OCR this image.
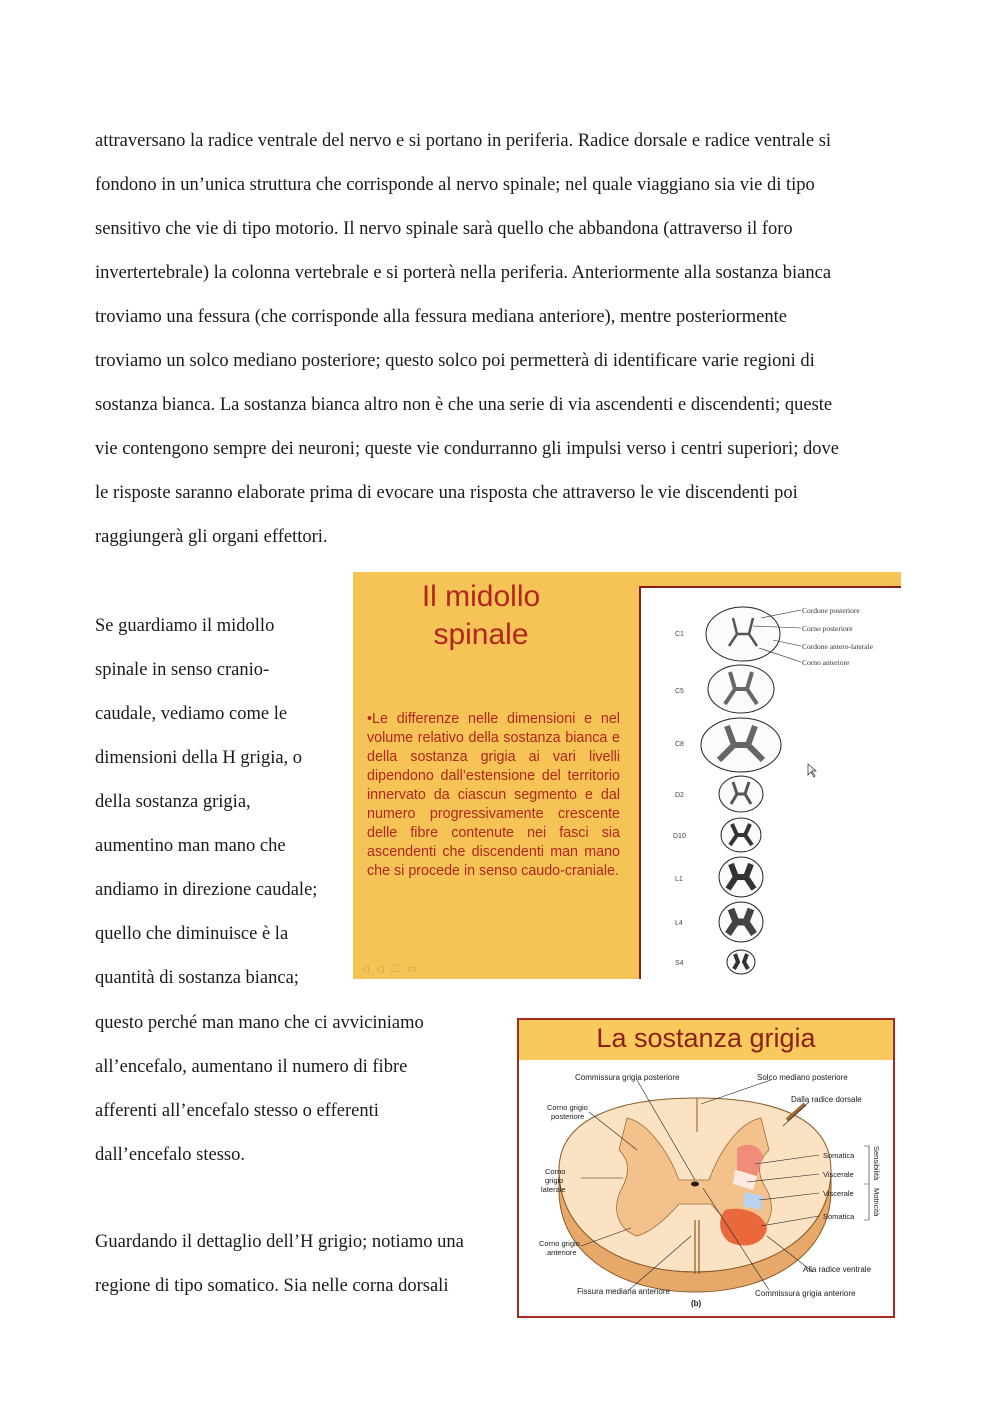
attraversano la radice ventrale del nervo e si portano in periferia. Radice dorsale e radice ventrale si
fondono in un’unica struttura che corrisponde al nervo spinale; nel quale viaggiano sia vie di tipo
sensitivo che vie di tipo motorio. Il nervo spinale sarà quello che abbandona (attraverso il foro
invertertebrale) la colonna vertebrale e si porterà nella periferia. Anteriormente alla sostanza bianca
troviamo una fessura (che corrisponde alla fessura mediana anteriore), mentre posteriormente
troviamo un solco mediano posteriore; questo solco poi permetterà di identificare varie regioni di
sostanza bianca. La sostanza bianca altro non è che una serie di via ascendenti e discendenti; queste
vie contengono sempre dei neuroni; queste vie condurranno gli impulsi verso i centri superiori; dove
le risposte saranno elaborate prima di evocare una risposta che attraverso le vie discendenti poi
raggiungerà gli organi effettori.
Se guardiamo il midollo
spinale in senso cranio-
caudale, vediamo come le
dimensioni della H grigia, o
della sostanza grigia,
aumentino man mano che
andiamo in direzione caudale;
quello che diminuisce è la
quantità di sostanza bianca;
questo perché man mano che ci avviciniamo
all’encefalo, aumentano il numero di fibre
afferenti all’encefalo stesso o efferenti
dall’encefalo stesso.
Guardando il dettaglio dell’H grigio; notiamo una
regione di tipo somatico. Sia nelle corna dorsali
Il midollo
spinale
•Le differenze nelle dimensioni e nel volume relativo della sostanza bianca e della sostanza grigia ai vari livelli dipendono dall’estensione del territorio innervato da ciascun segmento e dal numero progressivamente crescente delle fibre contenute nei fasci sia ascendenti che discendenti man mano che si procede in senso caudo-craniale.
C1
C5
C8
D2
D10
L1
L4
S4
Cordone posteriore
Corno posteriore
Cordone antero-laterale
Corno anteriore
◁ ◁ ☐ ▭
La sostanza grigia
Commissura grigia posteriore	Solco mediano posteriore
Dalla radice dorsale
Corno grigio
posteriore
Corno
grigio
laterale
Corno grigio
anteriore
Fissura mediana anteriore	Commissura grigia anteriore
Alla radice ventrale
Somatica
Viscerale
Viscerale
Somatica
Sensibilità
Motricità
(b)
